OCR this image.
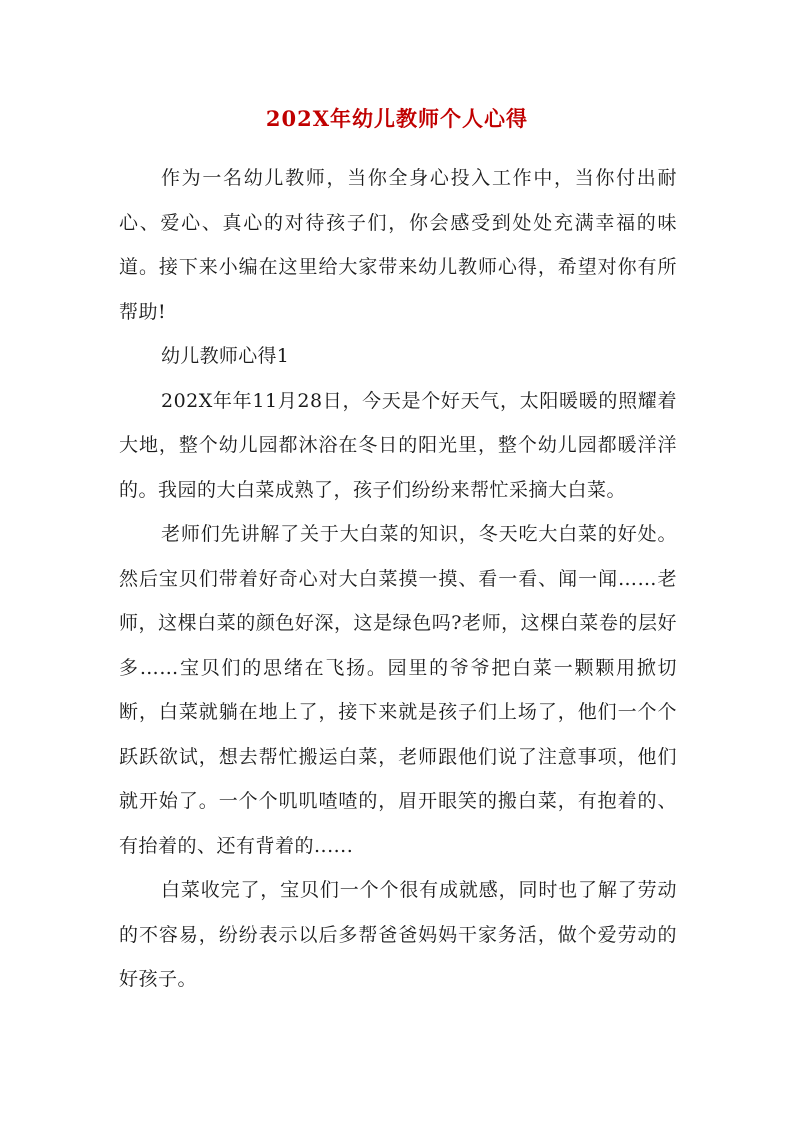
202X年幼儿教师个人心得

作为一名幼儿教师，当你全身心投入工作中，当你付出耐心、爱心、真心的对待孩子们，你会感受到处处充满幸福的味道。接下来小编在这里给大家带来幼儿教师心得，希望对你有所帮助!

幼儿教师心得1

202X年年11月28日，今天是个好天气，太阳暖暖的照耀着大地，整个幼儿园都沐浴在冬日的阳光里，整个幼儿园都暖洋洋的。我园的大白菜成熟了，孩子们纷纷来帮忙采摘大白菜。

老师们先讲解了关于大白菜的知识，冬天吃大白菜的好处。然后宝贝们带着好奇心对大白菜摸一摸、看一看、闻一闻……老师，这棵白菜的颜色好深，这是绿色吗?老师，这棵白菜卷的层好多……宝贝们的思绪在飞扬。园里的爷爷把白菜一颗颗用掀切断，白菜就躺在地上了，接下来就是孩子们上场了，他们一个个跃跃欲试，想去帮忙搬运白菜，老师跟他们说了注意事项，他们就开始了。一个个叽叽喳喳的，眉开眼笑的搬白菜，有抱着的、有抬着的、还有背着的......

白菜收完了，宝贝们一个个很有成就感，同时也了解了劳动的不容易，纷纷表示以后多帮爸爸妈妈干家务活，做个爱劳动的好孩子。
